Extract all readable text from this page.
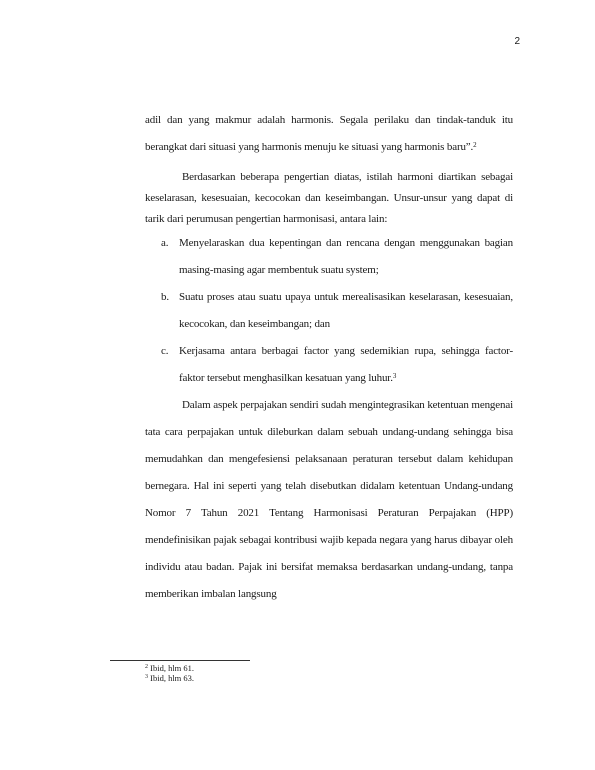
2

adil dan yang makmur adalah harmonis. Segala perilaku dan tindak-tanduk itu berangkat dari situasi yang harmonis menuju ke situasi yang harmonis baru”.$^2$

Berdasarkan beberapa pengertian diatas, istilah harmoni diartikan sebagai keselarasan, kesesuaian, kecocokan dan keseimbangan. Unsur-unsur yang dapat di tarik dari perumusan pengertian harmonisasi, antara lain:

a. Menyelaraskan dua kepentingan dan rencana dengan menggunakan bagian masing-masing agar membentuk suatu system;
b. Suatu proses atau suatu upaya untuk merealisasikan keselarasan, kesesuaian, kecocokan, dan keseimbangan; dan
c. Kerjasama antara berbagai factor yang sedemikian rupa, sehingga factor-faktor tersebut menghasilkan kesatuan yang luhur.$^3$

Dalam aspek perpajakan sendiri sudah mengintegrasikan ketentuan mengenai tata cara perpajakan untuk dileburkan dalam sebuah undang-undang sehingga bisa memudahkan dan mengefesiensi pelaksanaan peraturan tersebut dalam kehidupan bernegara. Hal ini seperti yang telah disebutkan didalam ketentuan Undang-undang Nomor 7 Tahun 2021 Tentang Harmonisasi Peraturan Perpajakan (HPP) mendefinisikan pajak sebagai kontribusi wajib kepada negara yang harus dibayar oleh individu atau badan. Pajak ini bersifat memaksa berdasarkan undang-undang, tanpa memberikan imbalan langsung

$^2$ Ibid, hlm 61.
$^3$ Ibid, hlm 63.
